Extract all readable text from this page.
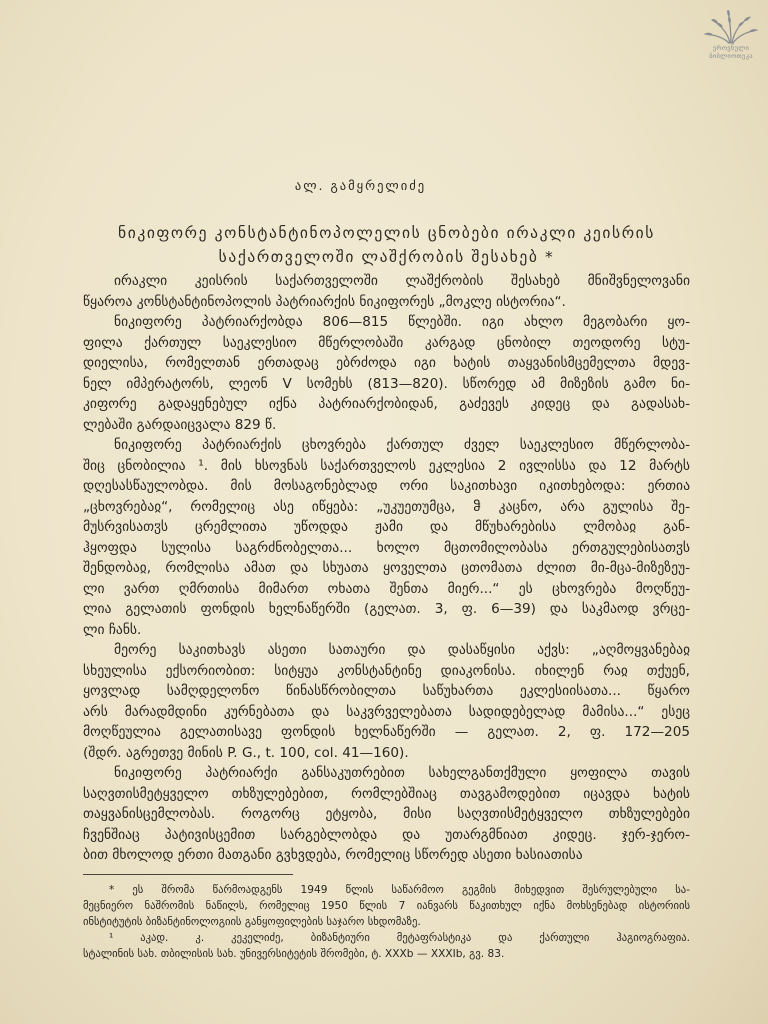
ეროვნული
ბიბლიოთეკა
ალ. გამყრელიძე
ნიკიფორე კონსტანტინოპოლელის ცნობები ირაკლი კეისრის
საქართველოში ლაშქრობის შესახებ *
ირაკლი კეისრის საქართველოში ლაშქრობის შესახებ მნიშვნელოვანი
წყაროა კონსტანტინოპოლის პატრიარქის ნიკიფორეს „მოკლე ისტორია“.
ნიკიფორე პატრიარქობდა 806—815 წლებში. იგი ახლო მეგობარი ყო-
ფილა ქართულ საეკლესიო მწერლობაში კარგად ცნობილ თეოდორე სტუ-
დიელისა, რომელთან ერთადაც ებრძოდა იგი ხატის თაყვანისმცემელთა მდევ-
ნელ იმპერატორს, ლეონ V სომეხს (813—820). სწორედ ამ მიზეზის გამო ნი-
კიფორე გადაყენებულ იქნა პატრიარქობიდან, გაძევეს კიდეც და გადასახ-
ლებაში გარდაიცვალა 829 წ.
ნიკიფორე პატრიარქის ცხოვრება ქართულ ძველ საეკლესიო მწერლობა-
შიც ცნობილია ¹. მის ხსოვნას საქართველოს ეკლესია 2 ივლისსა და 12 მარტს
დღესასწაულობდა. მის მოსაგონებლად ორი საკითხავი იკითხებოდა: ერთია
„ცხოვრებაჲ“, რომელიც ასე იწყება: „უკუეთუმცა, ჵ კაცნო, არა გულისა შე-
მუსრვისათჳს ცრემლითა უწოდდა ჟამი და მწუხარებისა ლმობაჲ გან-
ჰყოფდა სულისა საგრძნობელთა... ხოლო მცთომილობასა ერთგულებისათჳს
შენდობაჲ, რომლისა ამათ და სხუათა ყოველთა ცთომათა ძლით მი-მცა-მიზეზეუ-
ლი ვართ ღმრთისა მიმართ ოხათა შენთა მიერ...“ ეს ცხოვრება მოღწეუ-
ლია გელათის ფონდის ხელნაწერში (გელათ. 3, ფ. 6—39) და საკმაოდ ვრცე-
ლი ჩანს.
მეორე საკითხავს ასეთი სათაური და დასაწყისი აქვს: „აღმოყვანებაჲ
სხეულისა ექსორიობით: სიტყუა კონსტანტინე დიაკონისა. იხილენ რაჲ თქუენ,
ყოვლად სამღდელონო წინასწრობილთა საწუხართა ეკლესიისათა... წყარო
არს მარადმდინი კურნებათა და საკვრველებათა სადიდებელად მამისა...“ ესეც
მოღწეულია გელათისავე ფონდის ხელნაწერში — გელათ. 2, ფ. 172—205
(შდრ. აგრეთვე მინის P. G., t. 100, col. 41—160).
ნიკიფორე პატრიარქი განსაკუთრებით სახელგანთქმული ყოფილა თავის
საღვთისმეტყველო თხზულებებით, რომლებშიაც თავგამოდებით იცავდა ხატის
თაყვანისცემლობას. როგორც ეტყობა, მისი საღვთისმეტყველო თხზულებები
ჩვენშიაც პატივისცემით სარგებლობდა და უთარგმნიათ კიდეც. ჯერ-ჯერო-
ბით მხოლოდ ერთი მათგანი გვხვდება, რომელიც სწორედ ასეთი ხასიათისა
* ეს შრომა წარმოადგენს 1949 წლის საწარმოო გეგმის მიხედვით შესრულებული სა-
მეცნიერო ნაშრომის ნაწილს, რომელიც 1950 წლის 7 იანვარს წაკითხულ იქნა მოხსენებად ისტორიის
ინსტიტუტის ბიზანტინოლოგიის განყოფილების საჯარო სხდომაზე.
¹ აკად. კ. კეკელიძე, ბიზანტიური მეტაფრასტიკა და ქართული ჰაგიოგრაფია.
სტალინის სახ. თბილისის სახ. უნივერსიტეტის შრომები, ტ. XXXb — XXXIb, გვ. 83.
